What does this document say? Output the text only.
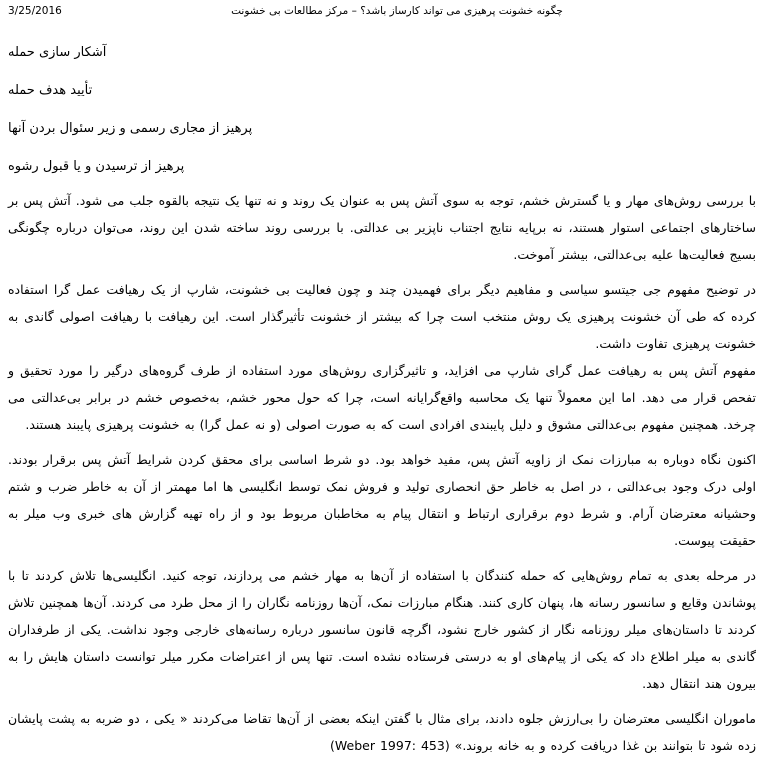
3/25/2016	چگونه خشونت پرهیزی می تواند کارساز باشد؟ – مرکز مطالعات بی خشونت
آشکار سازی حمله
تأیید هدف حمله
پرهیز از مجاری رسمی و زیر سئوال بردن آنها
پرهیز از ترسیدن و یا قبول رشوه

با بررسی روش‌های مهار و یا گسترش خشم، توجه به سوی آتش پس به عنوان یک روند و نه تنها یک نتیجه بالقوه جلب می شود. آتش پس بر ساختارهای اجتماعی استوار هستند، نه برپایه نتایج اجتناب ناپزیر بی عدالتی. با بررسی روند ساخته شدن این روند، می‌توان درباره چگونگی بسیج فعالیت‌ها علیه بی‌عدالتی، بیشتر آموخت.

در توضیح مفهوم جی جیتسو سیاسی و مفاهیم دیگر برای فهمیدن چند و چون فعالیت بی خشونت، شارپ از یک رهیافت عمل گرا استفاده کرده که طی آن خشونت پرهیزی یک روش منتخب است چرا که بیشتر از خشونت تأثیرگذار است. این رهیافت با رهیافت اصولی گاندی به خشونت پرهیزی تفاوت داشت.

مفهوم آتش پس به رهیافت عمل گرای شارپ می افزاید، و تاثیرگزاری روش‌های مورد استفاده از طرف گروه‌های درگیر را مورد تحقیق و تفحص قرار می دهد. اما این معمولاً تنها یک محاسبه واقع‌گرایانه است، چرا که حول محور خشم، به‌خصوص خشم در برابر بی‌عدالتی می چرخد. همچنین مفهوم بی‌عدالتی مشوق و دلیل پایبندی افرادی است که به صورت اصولی (و نه عمل گرا) به خشونت پرهیزی پایبند هستند.

اکنون نگاه دوباره به مبارزات نمک از زاویه آتش پس، مفید خواهد بود. دو شرط اساسی برای محقق کردن شرایط آتش پس برقرار بودند. اولی درک وجود بی‌عدالتی ، در اصل به خاطر حق انحصاری تولید و فروش نمک توسط انگلیسی ها اما مهمتر از آن به خاطر ضرب و شتم وحشیانه معترضان آرام. و شرط دوم برقراری ارتباط و انتقال پیام به مخاطبان مربوط بود و از راه تهیه گزارش های خبری وب میلر به حقیقت پیوست.

در مرحله بعدی به تمام روش‌هایی که حمله کنندگان با استفاده از آن‌ها به مهار خشم می پردازند، توجه کنید. انگلیسی‌ها تلاش کردند تا با پوشاندن وقایع و سانسور رسانه ها، پنهان کاری کنند. هنگام مبارزات نمک، آن‌ها روزنامه نگاران را از محل طرد می کردند. آن‌ها همچنین تلاش کردند تا داستان‌های میلر روزنامه نگار از کشور خارج نشود، اگرچه قانون سانسور درباره رسانه‌های خارجی وجود نداشت. یکی از طرفداران گاندی به میلر اطلاع داد که یکی از پیام‌های او به درستی فرستاده نشده است. تنها پس از اعتراضات مکرر میلر توانست داستان هایش را به بیرون هند انتقال دهد.

ماموران انگلیسی معترضان را بی‌ارزش جلوه دادند، برای مثال با گفتن اینکه بعضی از آن‌ها تقاضا می‌کردند « یکی ، دو ضربه به پشت پایشان زده شود تا بتوانند بن غذا دریافت کرده و به خانه بروند.» (Weber 1997: 453)
